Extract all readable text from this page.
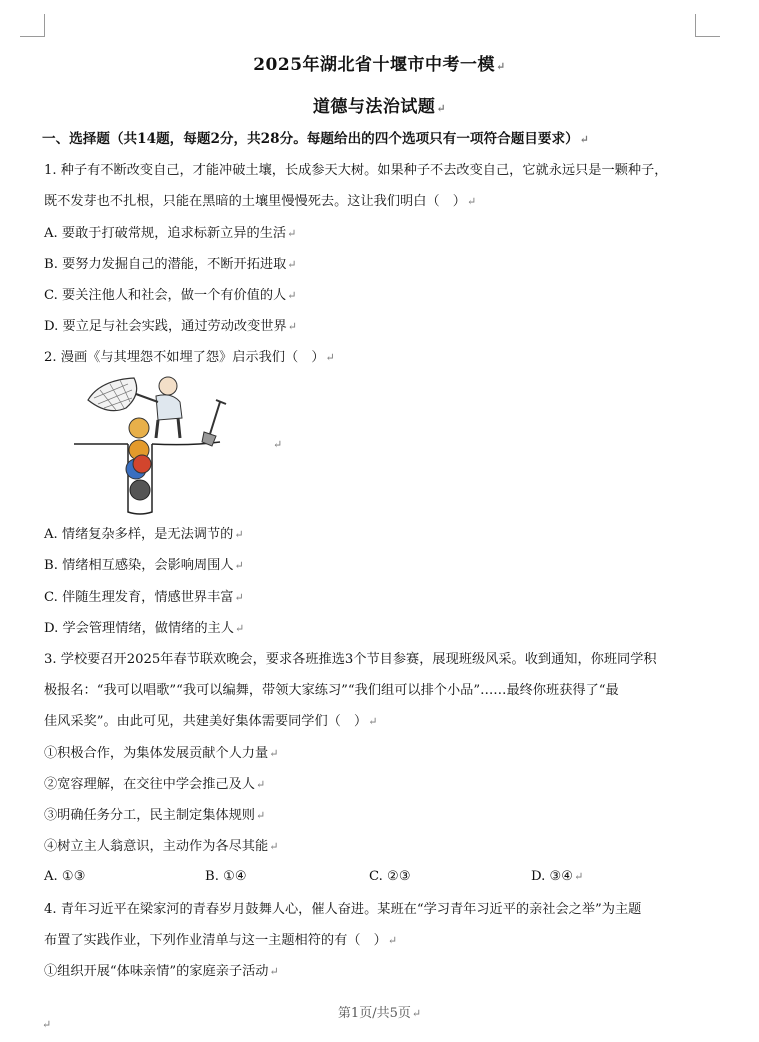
2025年湖北省十堰市中考一模↵
道德与法治试题↵
一、选择题（共14题，每题2分，共28分。每题给出的四个选项只有一项符合题目要求）↵
1. 种子有不断改变自己，才能冲破土壤，长成参天大树。如果种子不去改变自己，它就永远只是一颗种子，
既不发芽也不扎根，只能在黑暗的土壤里慢慢死去。这让我们明白（　）↵
A. 要敢于打破常规，追求标新立异的生活↵
B. 要努力发掘自己的潜能，不断开拓进取↵
C. 要关注他人和社会，做一个有价值的人↵
D. 要立足与社会实践，通过劳动改变世界↵
2. 漫画《与其埋怨不如埋了怨》启示我们（　）↵
↵
A. 情绪复杂多样，是无法调节的↵
B. 情绪相互感染，会影响周围人↵
C. 伴随生理发育，情感世界丰富↵
D. 学会管理情绪，做情绪的主人↵
3. 学校要召开2025年春节联欢晚会，要求各班推选3个节目参赛，展现班级风采。收到通知，你班同学积
极报名：“我可以唱歌”“我可以编舞，带领大家练习”“我们组可以排个小品”……最终你班获得了“最
佳风采奖”。由此可见，共建美好集体需要同学们（　）↵
①积极合作，为集体发展贡献个人力量↵
②宽容理解，在交往中学会推己及人↵
③明确任务分工，民主制定集体规则↵
④树立主人翁意识，主动作为各尽其能↵
A. ①③	B. ①④	C. ②③	D. ③④↵
4. 青年习近平在梁家河的青春岁月鼓舞人心，催人奋进。某班在“学习青年习近平的亲社会之举”为主题
布置了实践作业，下列作业清单与这一主题相符的有（　）↵
①组织开展“体味亲情”的家庭亲子活动↵
第1页/共5页↵
↵
